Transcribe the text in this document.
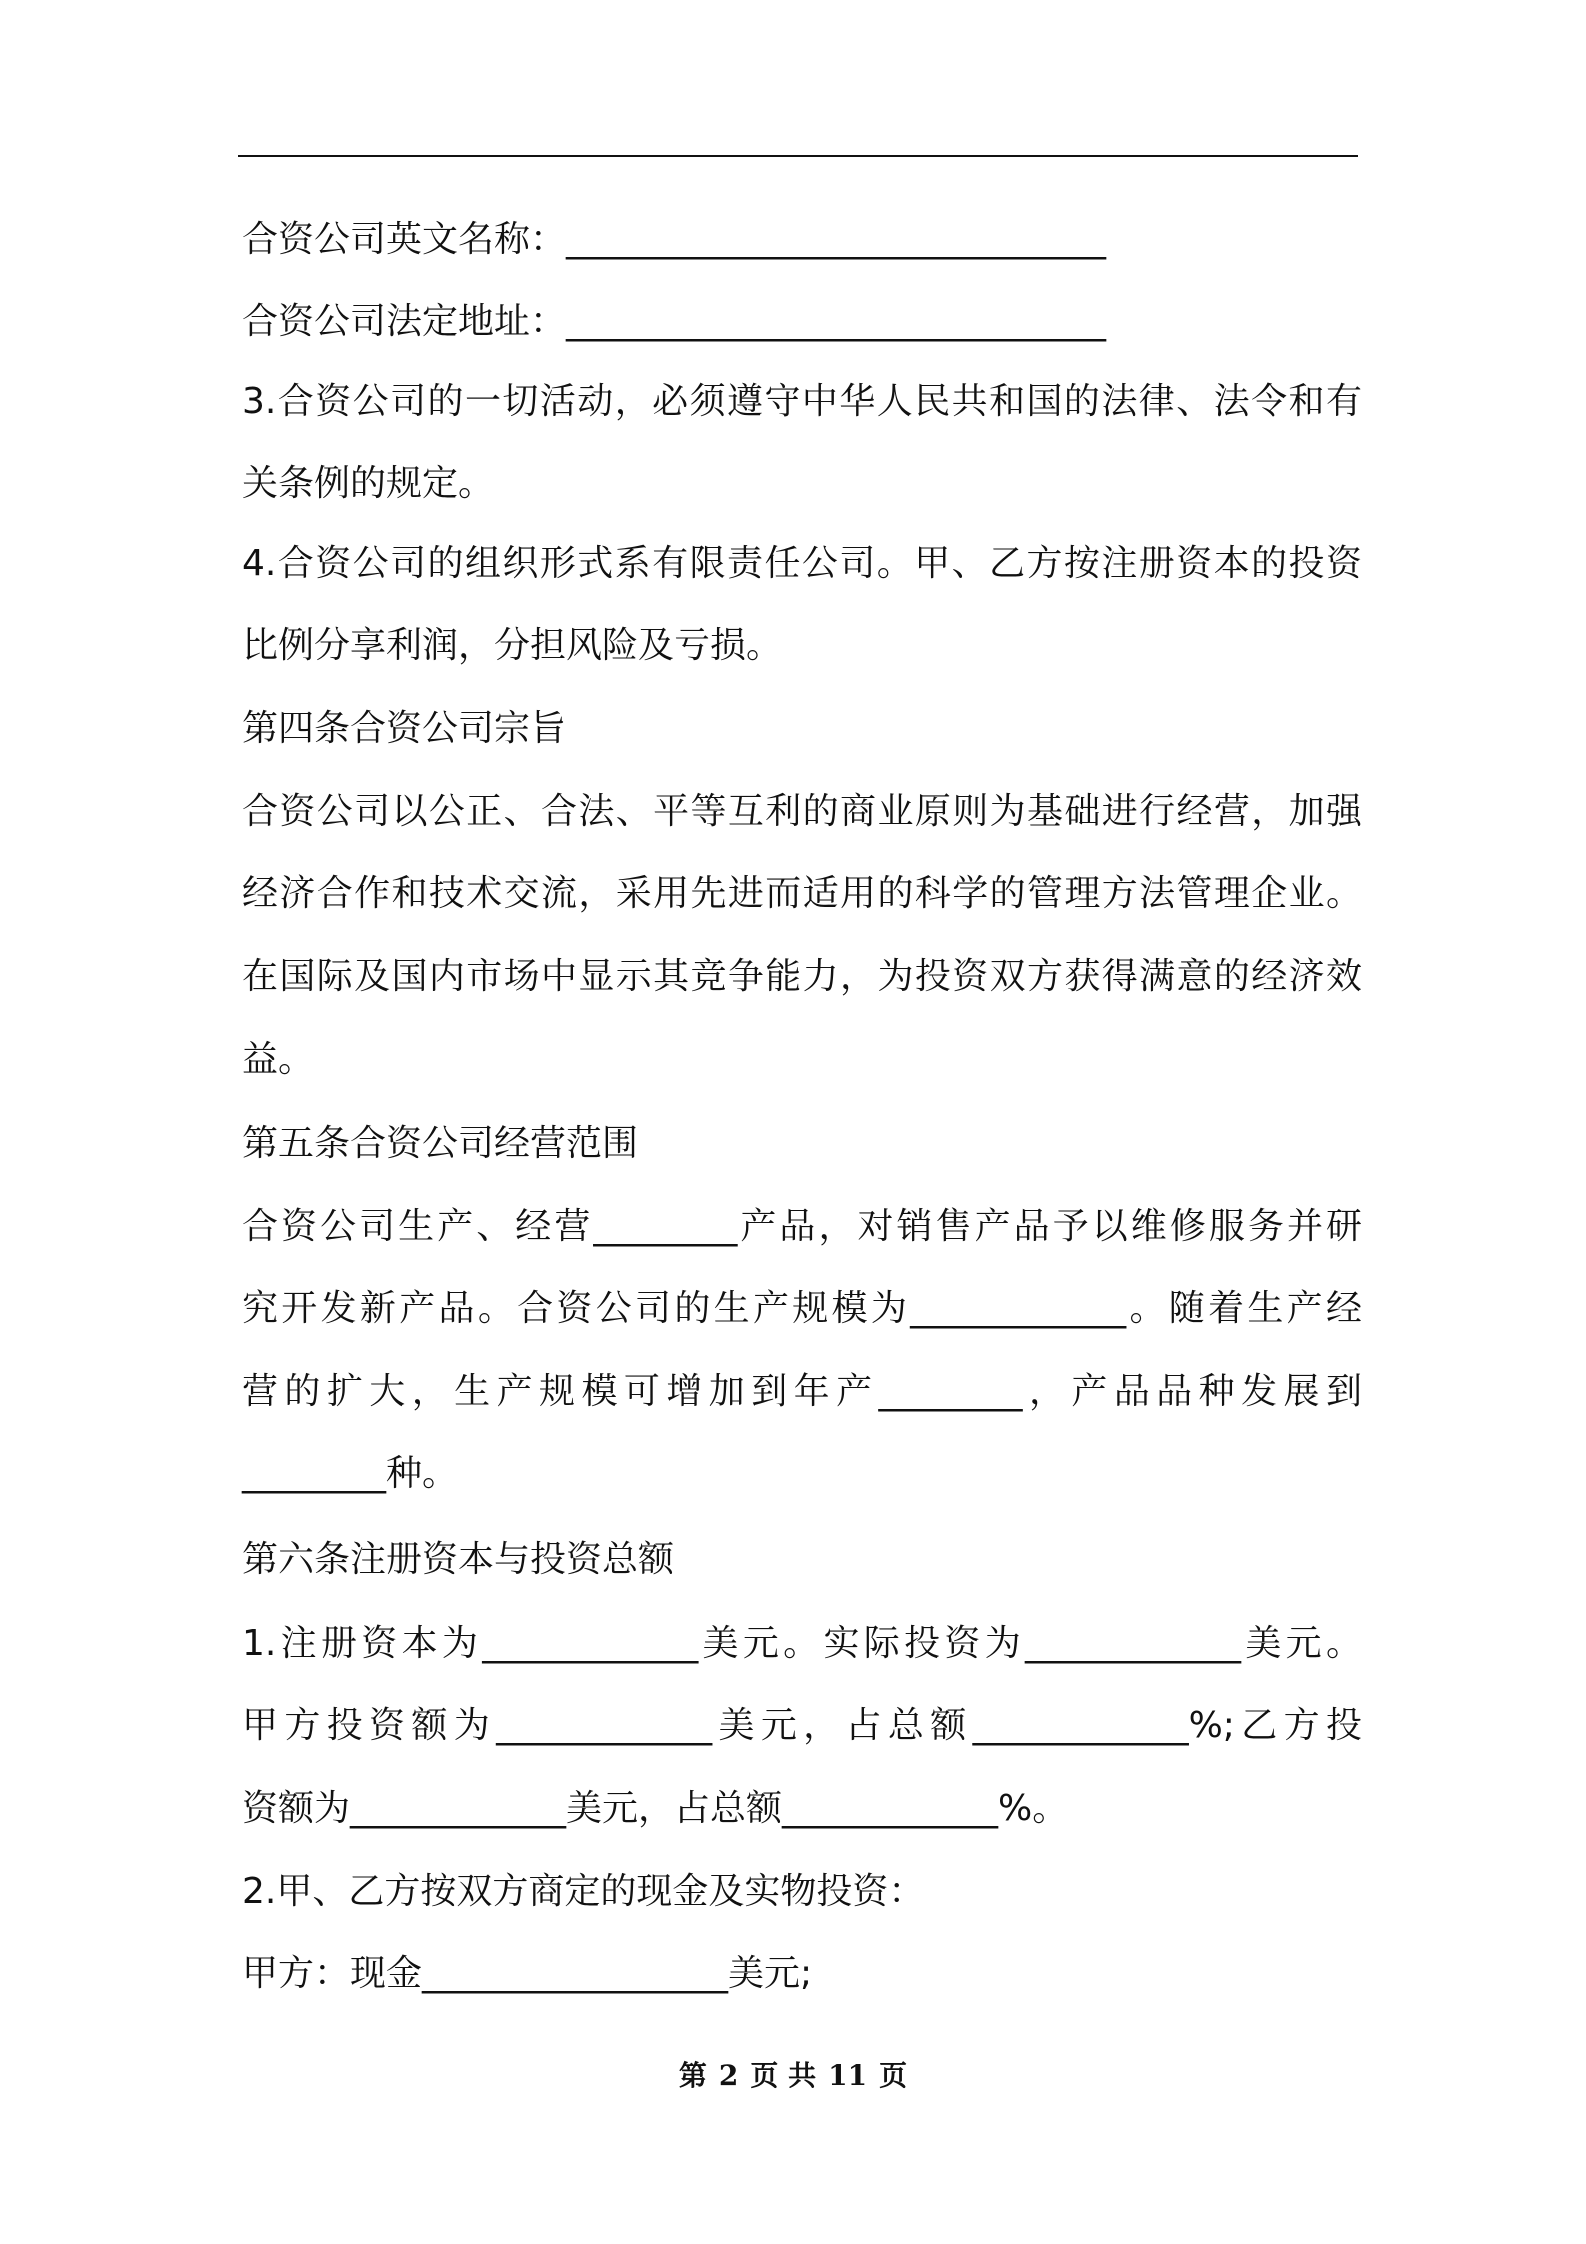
合资公司英文名称：______________________________
合资公司法定地址：______________________________
3.合资公司的一切活动，必须遵守中华人民共和国的法律、法令和有
关条例的规定。
4.合资公司的组织形式系有限责任公司。甲、乙方按注册资本的投资
比例分享利润，分担风险及亏损。
第四条合资公司宗旨
合资公司以公正、合法、平等互利的商业原则为基础进行经营，加强
经济合作和技术交流，采用先进而适用的科学的管理方法管理企业。
在国际及国内市场中显示其竞争能力，为投资双方获得满意的经济效
益。
第五条合资公司经营范围
合资公司生产、经营________产品，对销售产品予以维修服务并研
究开发新产品。合资公司的生产规模为____________。随着生产经
营的扩大，生产规模可增加到年产________，产品品种发展到
________种。
第六条注册资本与投资总额
1.注册资本为____________美元。实际投资为____________美元。
甲方投资额为____________美元，占总额____________%;乙方投
资额为____________美元，占总额____________%。
2.甲、乙方按双方商定的现金及实物投资：
甲方：现金_________________美元;
第 2 页 共 11 页
